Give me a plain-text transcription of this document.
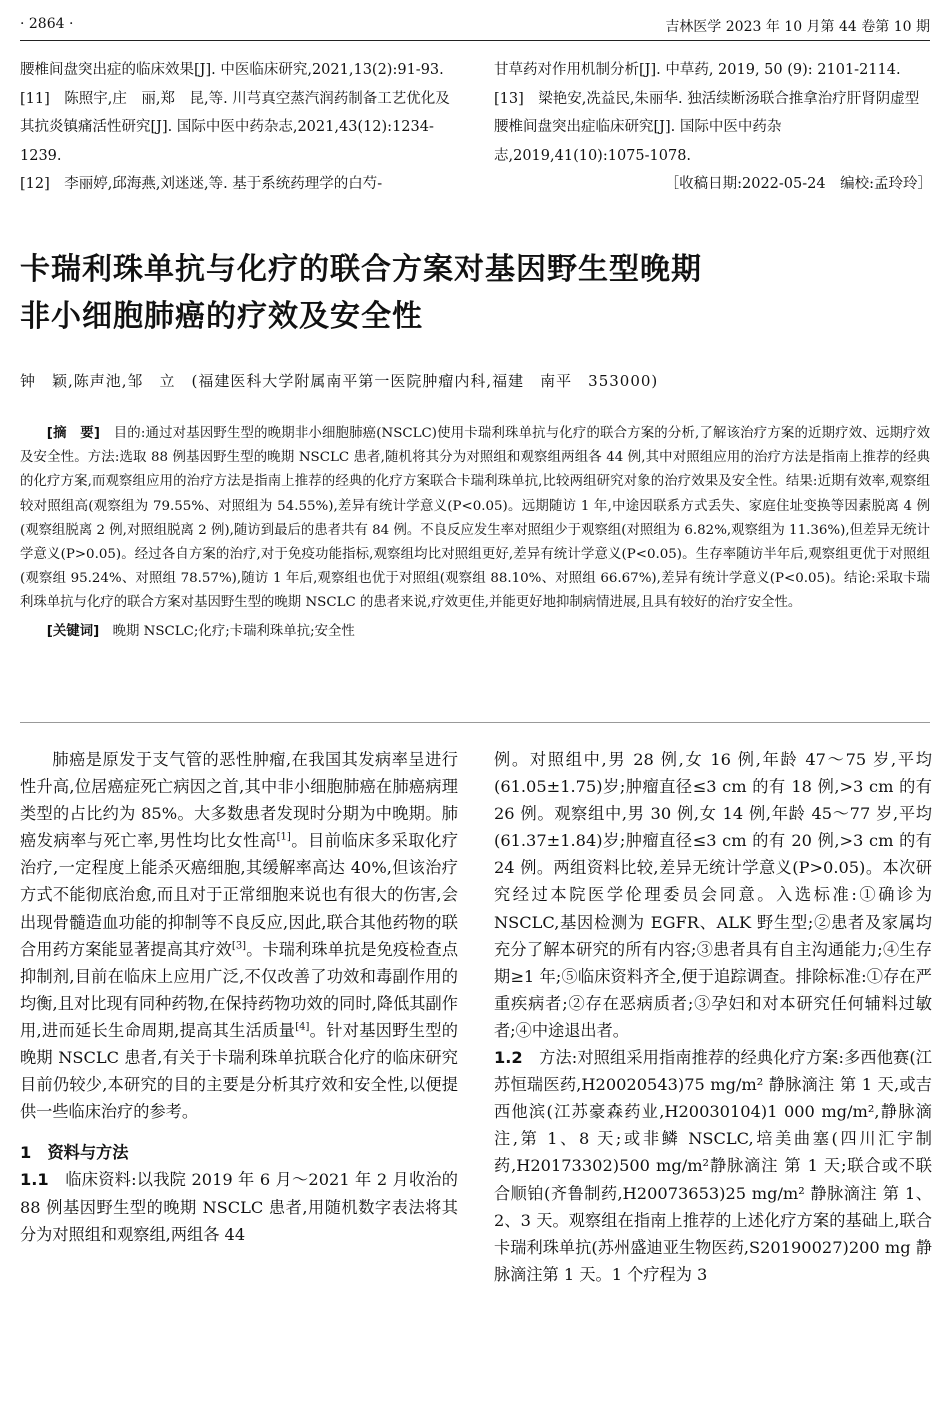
· 2864 ·	吉林医学 2023 年 10 月第 44 卷第 10 期

腰椎间盘突出症的临床效果[J]. 中医临床研究,2021,13(2):91-93.

[11]　陈照宇,庄　丽,郑　昆,等. 川芎真空蒸汽润药制备工艺优化及其抗炎镇痛活性研究[J]. 国际中医中药杂志,2021,43(12):1234-1239.

[12]　李丽婷,邱海燕,刘迷迷,等. 基于系统药理学的白芍-

甘草药对作用机制分析[J]. 中草药, 2019, 50 (9): 2101-2114.

[13]　梁艳安,冼益民,朱丽华. 独活续断汤联合推拿治疗肝肾阴虚型腰椎间盘突出症临床研究[J]. 国际中医中药杂志,2019,41(10):1075-1078.

［收稿日期:2022-05-24　编校:孟玲玲］

卡瑞利珠单抗与化疗的联合方案对基因野生型晚期
非小细胞肺癌的疗效及安全性
钟　颖,陈声池,邹　立　(福建医科大学附属南平第一医院肿瘤内科,福建　南平　353000)

[摘　要]　 目的:通过对基因野生型的晚期非小细胞肺癌(NSCLC)使用卡瑞利珠单抗与化疗的联合方案的分析,了解该治疗方案的近期疗效、远期疗效及安全性。方法:选取 88 例基因野生型的晚期 NSCLC 患者,随机将其分为对照组和观察组两组各 44 例,其中对照组应用的治疗方法是指南上推荐的经典的化疗方案,而观察组应用的治疗方法是指南上推荐的经典的化疗方案联合卡瑞利珠单抗,比较两组研究对象的治疗效果及安全性。结果:近期有效率,观察组较对照组高(观察组为 79.55%、对照组为 54.55%),差异有统计学意义(P<0.05)。远期随访 1 年,中途因联系方式丢失、家庭住址变换等因素脱离 4 例(观察组脱离 2 例,对照组脱离 2 例),随访到最后的患者共有 84 例。不良反应发生率对照组少于观察组(对照组为 6.82%,观察组为 11.36%),但差异无统计学意义(P>0.05)。经过各自方案的治疗,对于免疫功能指标,观察组均比对照组更好,差异有统计学意义(P<0.05)。生存率随访半年后,观察组更优于对照组(观察组 95.24%、对照组 78.57%),随访 1 年后,观察组也优于对照组(观察组 88.10%、对照组 66.67%),差异有统计学意义(P<0.05)。结论:采取卡瑞利珠单抗与化疗的联合方案对基因野生型的晚期 NSCLC 的患者来说,疗效更佳,并能更好地抑制病情进展,且具有较好的治疗安全性。

[关键词]　 晚期 NSCLC;化疗;卡瑞利珠单抗;安全性

肺癌是原发于支气管的恶性肿瘤,在我国其发病率呈进行性升高,位居癌症死亡病因之首,其中非小细胞肺癌在肺癌病理类型的占比约为 85%。大多数患者发现时分期为中晚期。肺癌发病率与死亡率,男性均比女性高[1]。目前临床多采取化疗治疗,一定程度上能杀灭癌细胞,其缓解率高达 40%,但该治疗方式不能彻底治愈,而且对于正常细胞来说也有很大的伤害,会出现骨髓造血功能的抑制等不良反应,因此,联合其他药物的联合用药方案能显著提高其疗效[3]。卡瑞利珠单抗是免疫检查点抑制剂,目前在临床上应用广泛,不仅改善了功效和毒副作用的均衡,且对比现有同种药物,在保持药物功效的同时,降低其副作用,进而延长生命周期,提高其生活质量[4]。针对基因野生型的晚期 NSCLC 患者,有关于卡瑞利珠单抗联合化疗的临床研究目前仍较少,本研究的目的主要是分析其疗效和安全性,以便提供一些临床治疗的参考。

1　资料与方法

1.1　临床资料:以我院 2019 年 6 月～2021 年 2 月收治的 88 例基因野生型的晚期 NSCLC 患者,用随机数字表法将其分为对照组和观察组,两组各 44

例。对照组中,男 28 例,女 16 例,年龄 47～75 岁,平均(61.05±1.75)岁;肿瘤直径≤3 cm 的有 18 例,>3 cm 的有 26 例。观察组中,男 30 例,女 14 例,年龄 45～77 岁,平均(61.37±1.84)岁;肿瘤直径≤3 cm 的有 20 例,>3 cm 的有 24 例。两组资料比较,差异无统计学意义(P>0.05)。本次研究经过本院医学伦理委员会同意。入选标准:①确诊为 NSCLC,基因检测为 EGFR、ALK 野生型;②患者及家属均充分了解本研究的所有内容;③患者具有自主沟通能力;④生存期≥1 年;⑤临床资料齐全,便于追踪调查。排除标准:①存在严重疾病者;②存在恶病质者;③孕妇和对本研究任何辅料过敏者;④中途退出者。

1.2　方法:对照组采用指南推荐的经典化疗方案:多西他赛(江苏恒瑞医药,H20020543)75 mg/m² 静脉滴注 第 1 天,或吉西他滨(江苏豪森药业,H20030104)1 000 mg/m²,静脉滴注,第 1、8 天;或非鳞 NSCLC,培美曲塞(四川汇宇制药,H20173302)500 mg/m²静脉滴注 第 1 天;联合或不联合顺铂(齐鲁制药,H20073653)25 mg/m² 静脉滴注 第 1、2、3 天。观察组在指南上推荐的上述化疗方案的基础上,联合卡瑞利珠单抗(苏州盛迪亚生物医药,S20190027)200 mg 静脉滴注第 1 天。1 个疗程为 3
